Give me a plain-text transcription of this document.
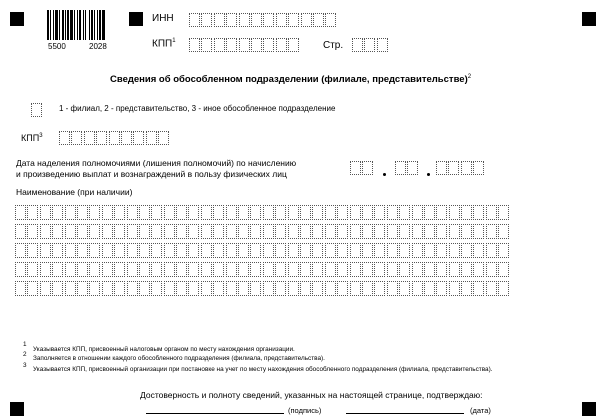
5500	2028
ИНН
КПП$^1$	Стр.
Сведения об обособленном подразделении (филиале, представительстве)$^2$
1 - филиал, 2 - представительство, 3 - иное обособленное подразделение
КПП$^3$
Дата наделения полномочиями (лишения полномочий) по начислению
и произведению выплат и вознаграждений в пользу физических лиц
Наименование (при наличии)
1
Указывается КПП, присвоенный налоговым органом по месту нахождения организации.
2
Заполняется в отношении каждого обособленного подразделения (филиала, представительства).
3
Указывается КПП, присвоенный организации при постановке на учет по месту нахождения обособленного подразделения (филиала, представительства).
Достоверность и полноту сведений, указанных на настоящей странице, подтверждаю:
(подпись)	(дата)
